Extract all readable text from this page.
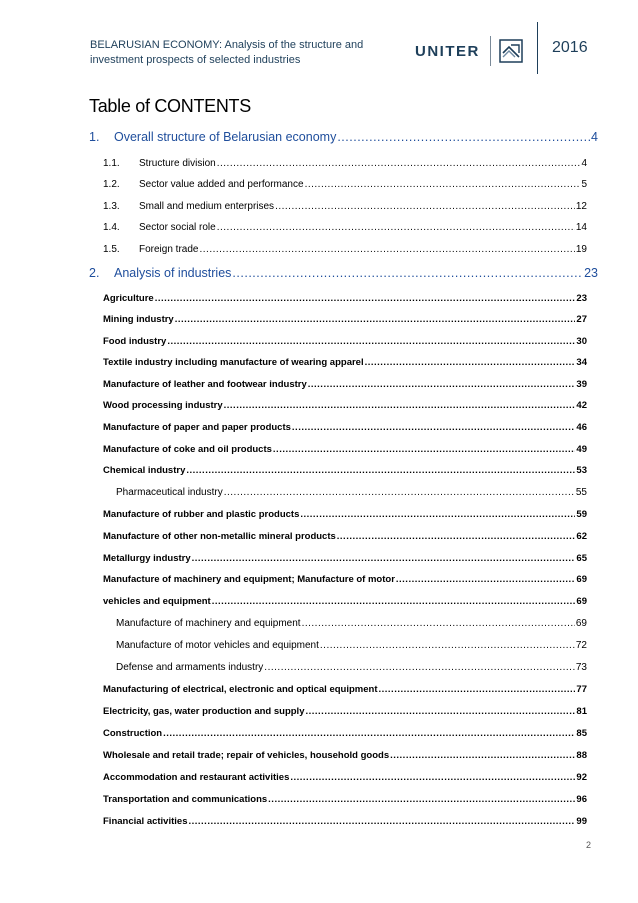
BELARUSIAN ECONOMY: Analysis of the structure and investment prospects of selected industries
UNITER	2016
Table of CONTENTS
1.	Overall structure of Belarusian economy .....	4
1.1.	Structure division .....	4
1.2.	Sector value added and performance .....	5
1.3.	Small and medium enterprises .....	12
1.4.	Sector social role .....	14
1.5.	Foreign trade .....	19
2.	Analysis of industries .....	23
Agriculture .....	23
Mining industry .....	27
Food industry .....	30
Textile industry including manufacture of wearing apparel .....	34
Manufacture of leather and footwear industry .....	39
Wood processing industry .....	42
Manufacture of paper and paper products .....	46
Manufacture of coke and oil products .....	49
Chemical industry .....	53
Pharmaceutical industry .....	55
Manufacture of rubber and plastic products .....	59
Manufacture of other non-metallic mineral products .....	62
Metallurgy industry .....	65
Manufacture of machinery and equipment; Manufacture of motor .....	69
vehicles and equipment .....	69
Manufacture of machinery and equipment .....	69
Manufacture of motor vehicles and equipment .....	72
Defense and armaments industry .....	73
Manufacturing of electrical, electronic and optical equipment .....	77
Electricity, gas, water production and supply .....	81
Construction .....	85
Wholesale and retail trade; repair of vehicles, household goods .....	88
Accommodation and restaurant activities .....	92
Transportation and communications .....	96
Financial activities .....	99
2
